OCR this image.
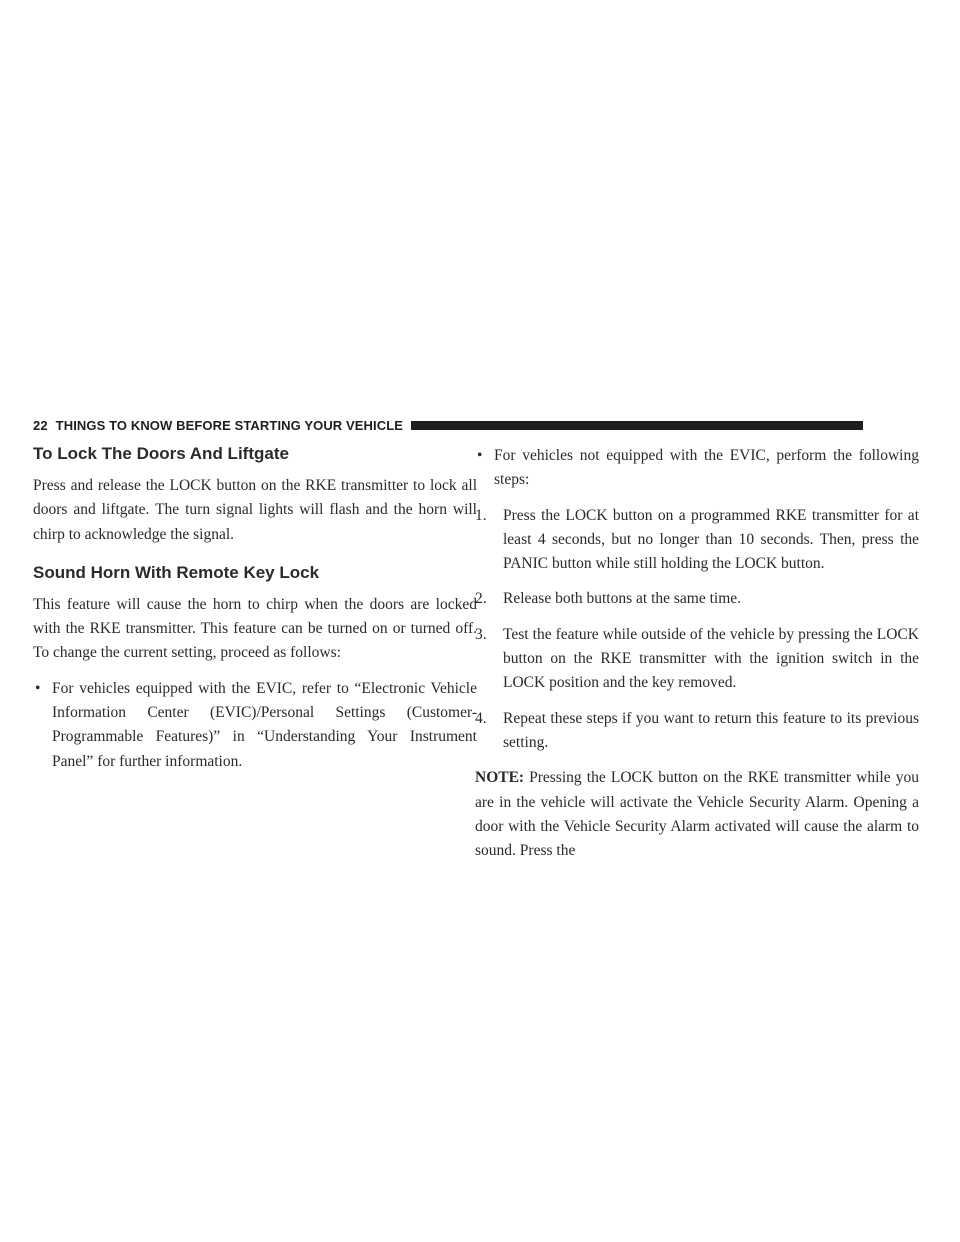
22 THINGS TO KNOW BEFORE STARTING YOUR VEHICLE
To Lock The Doors And Liftgate

Press and release the LOCK button on the RKE transmitter to lock all doors and liftgate. The turn signal lights will flash and the horn will chirp to acknowledge the signal.

Sound Horn With Remote Key Lock

This feature will cause the horn to chirp when the doors are locked with the RKE transmitter. This feature can be turned on or turned off. To change the current setting, proceed as follows:

• For vehicles equipped with the EVIC, refer to “Electronic Vehicle Information Center (EVIC)/Personal Settings (Customer-Programmable Features)” in “Understanding Your Instrument Panel” for further information.
• For vehicles not equipped with the EVIC, perform the following steps:
1.	Press the LOCK button on a programmed RKE transmitter for at least 4 seconds, but no longer than 10 seconds. Then, press the PANIC button while still holding the LOCK button.
2.	Release both buttons at the same time.
3.	Test the feature while outside of the vehicle by pressing the LOCK button on the RKE transmitter with the ignition switch in the LOCK position and the key removed.
4.	Repeat these steps if you want to return this feature to its previous setting.

NOTE: Pressing the LOCK button on the RKE transmitter while you are in the vehicle will activate the Vehicle Security Alarm. Opening a door with the Vehicle Security Alarm activated will cause the alarm to sound. Press the
